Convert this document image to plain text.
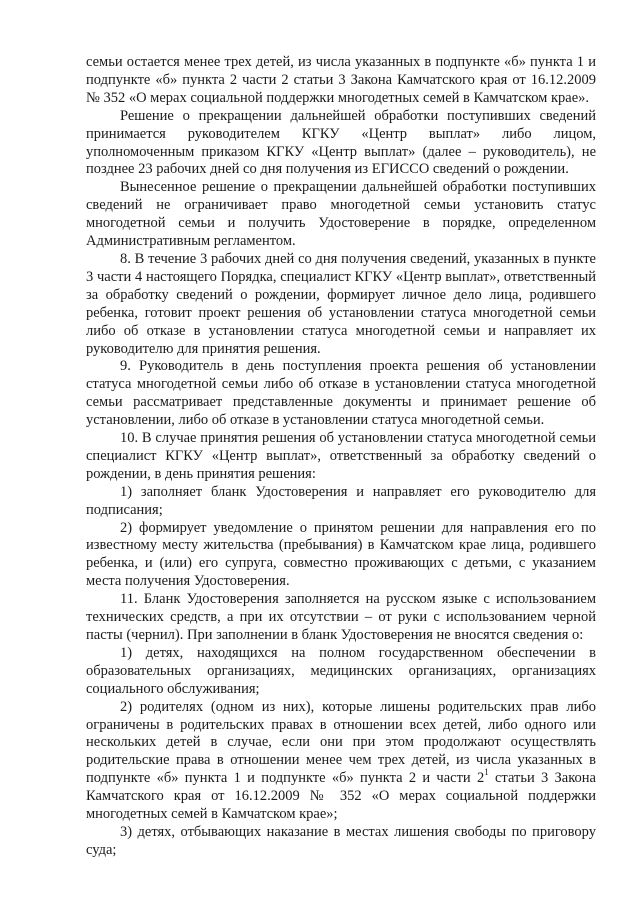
семьи остается менее трех детей, из числа указанных в подпункте «б» пункта 1 и подпункте «б» пункта 2 части 2 статьи 3 Закона Камчатского края от 16.12.2009 № 352 «О мерах социальной поддержки многодетных семей в Камчатском крае».

Решение о прекращении дальнейшей обработки поступивших сведений принимается руководителем КГКУ «Центр выплат» либо лицом, уполномоченным приказом КГКУ «Центр выплат» (далее – руководитель), не позднее 23 рабочих дней со дня получения из ЕГИССО сведений о рождении.

Вынесенное решение о прекращении дальнейшей обработки поступивших сведений не ограничивает право многодетной семьи установить статус многодетной семьи и получить Удостоверение в порядке, определенном Административным регламентом.

8. В течение 3 рабочих дней со дня получения сведений, указанных в пункте 3 части 4 настоящего Порядка, специалист КГКУ «Центр выплат», ответственный за обработку сведений о рождении, формирует личное дело лица, родившего ребенка, готовит проект решения об установлении статуса многодетной семьи либо об отказе в установлении статуса многодетной семьи и направляет их руководителю для принятия решения.

9. Руководитель в день поступления проекта решения об установлении статуса многодетной семьи либо об отказе в установлении статуса многодетной семьи рассматривает представленные документы и принимает решение об установлении, либо об отказе в установлении статуса многодетной семьи.

10. В случае принятия решения об установлении статуса многодетной семьи специалист КГКУ «Центр выплат», ответственный за обработку сведений о рождении, в день принятия решения:

1) заполняет бланк Удостоверения и направляет его руководителю для подписания;

2) формирует уведомление о принятом решении для направления его по известному месту жительства (пребывания) в Камчатском крае лица, родившего ребенка, и (или) его супруга, совместно проживающих с детьми, с указанием места получения Удостоверения.

11. Бланк Удостоверения заполняется на русском языке с использованием технических средств, а при их отсутствии – от руки с использованием черной пасты (чернил). При заполнении в бланк Удостоверения не вносятся сведения о:

1) детях, находящихся на полном государственном обеспечении в образовательных организациях, медицинских организациях, организациях социального обслуживания;

2) родителях (одном из них), которые лишены родительских прав либо ограничены в родительских правах в отношении всех детей, либо одного или нескольких детей в случае, если они при этом продолжают осуществлять родительские права в отношении менее чем трех детей, из числа указанных в подпункте «б» пункта 1 и подпункте «б» пункта 2 и части $2^1$ статьи 3 Закона Камчатского края от 16.12.2009 № 352 «О мерах социальной поддержки многодетных семей в Камчатском крае»;

3) детях, отбывающих наказание в местах лишения свободы по приговору суда;
